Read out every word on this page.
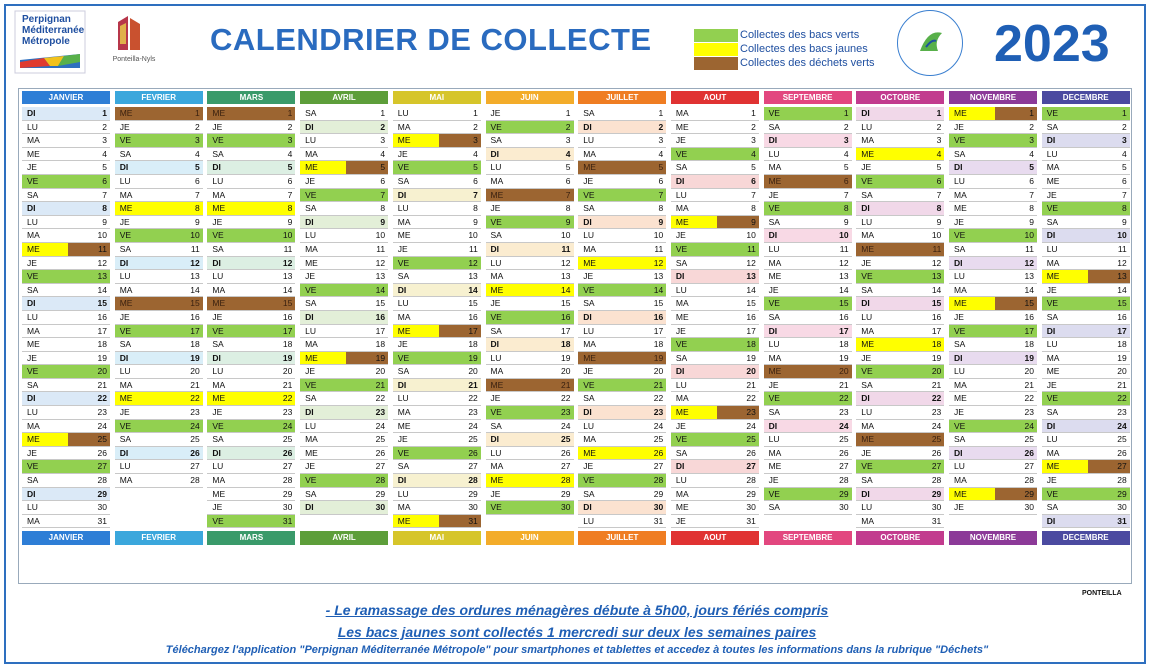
Perpignan
Méditerranée
Métropole
Ponteilla-Nyls
CALENDRIER DE COLLECTE	Collectes des bacs verts
Collectes des bacs jaunes
Collectes des déchets verts 2023
JANVIER
DI	1
LU	2
MA	3
ME	4
JE	5
VE	6
SA	7
DI	8
LU	9
MA	10
ME	11
JE	12
VE	13
SA	14
DI	15
LU	16
MA	17
ME	18
JE	19
VE	20
SA	21
DI	22
LU	23
MA	24
ME	25
JE	26
VE	27
SA	28
DI	29
LU	30
MA	31
JANVIER
FEVRIER
ME	1
JE	2
VE	3
SA	4
DI	5
LU	6
MA	7
ME	8
JE	9
VE	10
SA	11
DI	12
LU	13
MA	14
ME	15
JE	16
VE	17
SA	18
DI	19
LU	20
MA	21
ME	22
JE	23
VE	24
SA	25
DI	26
LU	27
MA	28
FEVRIER
MARS
ME	1
JE	2
VE	3
SA	4
DI	5
LU	6
MA	7
ME	8
JE	9
VE	10
SA	11
DI	12
LU	13
MA	14
ME	15
JE	16
VE	17
SA	18
DI	19
LU	20
MA	21
ME	22
JE	23
VE	24
SA	25
DI	26
LU	27
MA	28
ME	29
JE	30
VE	31
MARS
AVRIL
SA	1
DI	2
LU	3
MA	4
ME	5
JE	6
VE	7
SA	8
DI	9
LU	10
MA	11
ME	12
JE	13
VE	14
SA	15
DI	16
LU	17
MA	18
ME	19
JE	20
VE	21
SA	22
DI	23
LU	24
MA	25
ME	26
JE	27
VE	28
SA	29
DI	30
AVRIL
MAI
LU	1
MA	2
ME	3
JE	4
VE	5
SA	6
DI	7
LU	8
MA	9
ME	10
JE	11
VE	12
SA	13
DI	14
LU	15
MA	16
ME	17
JE	18
VE	19
SA	20
DI	21
LU	22
MA	23
ME	24
JE	25
VE	26
SA	27
DI	28
LU	29
MA	30
ME	31
MAI
JUIN
JE	1
VE	2
SA	3
DI	4
LU	5
MA	6
ME	7
JE	8
VE	9
SA	10
DI	11
LU	12
MA	13
ME	14
JE	15
VE	16
SA	17
DI	18
LU	19
MA	20
ME	21
JE	22
VE	23
SA	24
DI	25
LU	26
MA	27
ME	28
JE	29
VE	30
JUIN
JUILLET
SA	1
DI	2
LU	3
MA	4
ME	5
JE	6
VE	7
SA	8
DI	9
LU	10
MA	11
ME	12
JE	13
VE	14
SA	15
DI	16
LU	17
MA	18
ME	19
JE	20
VE	21
SA	22
DI	23
LU	24
MA	25
ME	26
JE	27
VE	28
SA	29
DI	30
LU	31
JUILLET
AOUT
MA	1
ME	2
JE	3
VE	4
SA	5
DI	6
LU	7
MA	8
ME	9
JE	10
VE	11
SA	12
DI	13
LU	14
MA	15
ME	16
JE	17
VE	18
SA	19
DI	20
LU	21
MA	22
ME	23
JE	24
VE	25
SA	26
DI	27
LU	28
MA	29
ME	30
JE	31
AOUT
SEPTEMBRE
VE	1
SA	2
DI	3
LU	4
MA	5
ME	6
JE	7
VE	8
SA	9
DI	10
LU	11
MA	12
ME	13
JE	14
VE	15
SA	16
DI	17
LU	18
MA	19
ME	20
JE	21
VE	22
SA	23
DI	24
LU	25
MA	26
ME	27
JE	28
VE	29
SA	30
SEPTEMBRE
OCTOBRE
DI	1
LU	2
MA	3
ME	4
JE	5
VE	6
SA	7
DI	8
LU	9
MA	10
ME	11
JE	12
VE	13
SA	14
DI	15
LU	16
MA	17
ME	18
JE	19
VE	20
SA	21
DI	22
LU	23
MA	24
ME	25
JE	26
VE	27
SA	28
DI	29
LU	30
MA	31
OCTOBRE
NOVEMBRE
ME	1
JE	2
VE	3
SA	4
DI	5
LU	6
MA	7
ME	8
JE	9
VE	10
SA	11
DI	12
LU	13
MA	14
ME	15
JE	16
VE	17
SA	18
DI	19
LU	20
MA	21
ME	22
JE	23
VE	24
SA	25
DI	26
LU	27
MA	28
ME	29
JE	30
NOVEMBRE
DECEMBRE
VE	1
SA	2
DI	3
LU	4
MA	5
ME	6
JE	7
VE	8
SA	9
DI	10
LU	11
MA	12
ME	13
JE	14
VE	15
SA	16
DI	17
LU	18
MA	19
ME	20
JE	21
VE	22
SA	23
DI	24
LU	25
MA	26
ME	27
JE	28
VE	29
SA	30
DI	31
DECEMBRE
PONTEILLA
- Le ramassage des ordures ménagères débute à 5h00, jours fériés compris
Les bacs jaunes sont collectés 1 mercredi sur deux les semaines paires
Téléchargez l'application "Perpignan Méditerranée Métropole" pour smartphones et tablettes et accedez à toutes les informations dans la rubrique "Déchets"
